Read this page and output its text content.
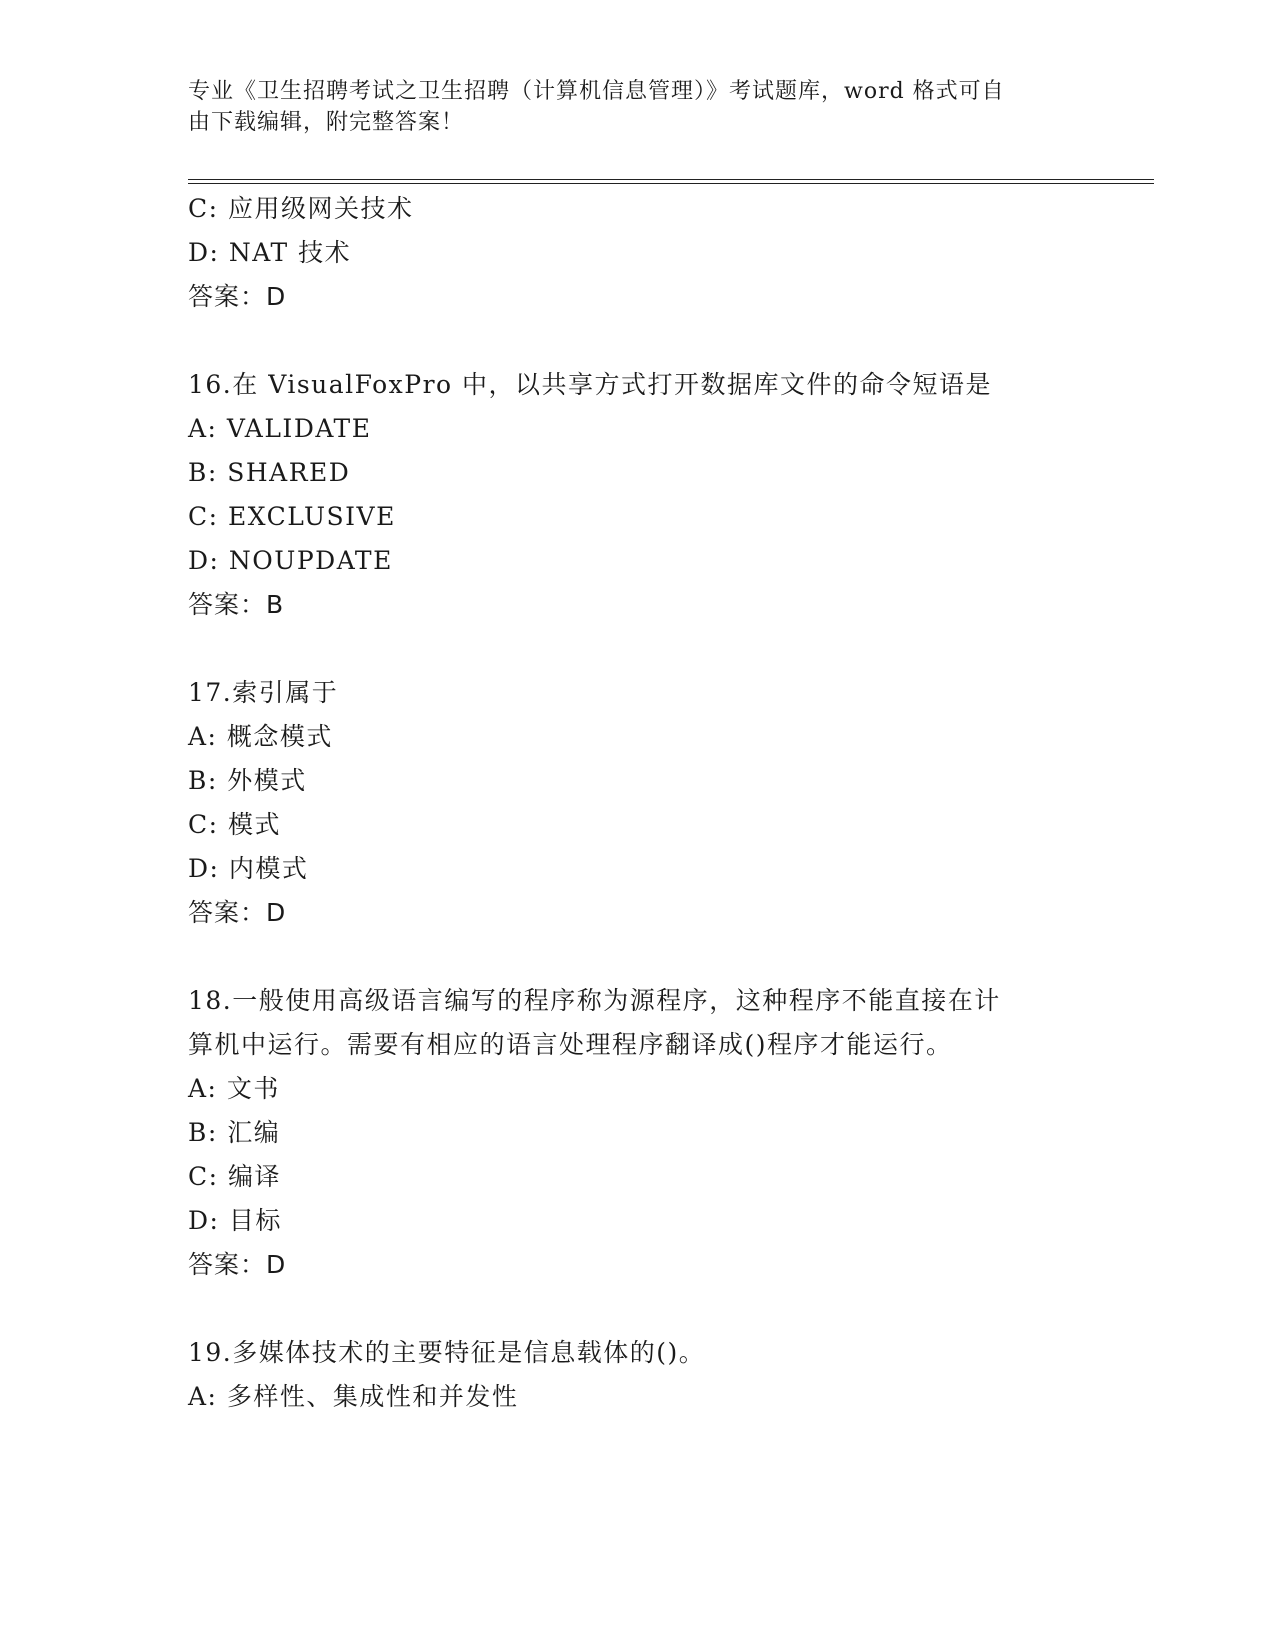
专业《卫生招聘考试之卫生招聘（计算机信息管理）》考试题库，word 格式可自
由下载编辑，附完整答案！
C: 应用级网关技术
D: NAT 技术
答案：D
16.在 VisualFoxPro 中，以共享方式打开数据库文件的命令短语是
A: VALIDATE
B: SHARED
C: EXCLUSIVE
D: NOUPDATE
答案：B
17.索引属于
A: 概念模式
B: 外模式
C: 模式
D: 内模式
答案：D
18.一般使用高级语言编写的程序称为源程序，这种程序不能直接在计
算机中运行。需要有相应的语言处理程序翻译成()程序才能运行。
A: 文书
B: 汇编
C: 编译
D: 目标
答案：D
19.多媒体技术的主要特征是信息载体的()。
A: 多样性、集成性和并发性
